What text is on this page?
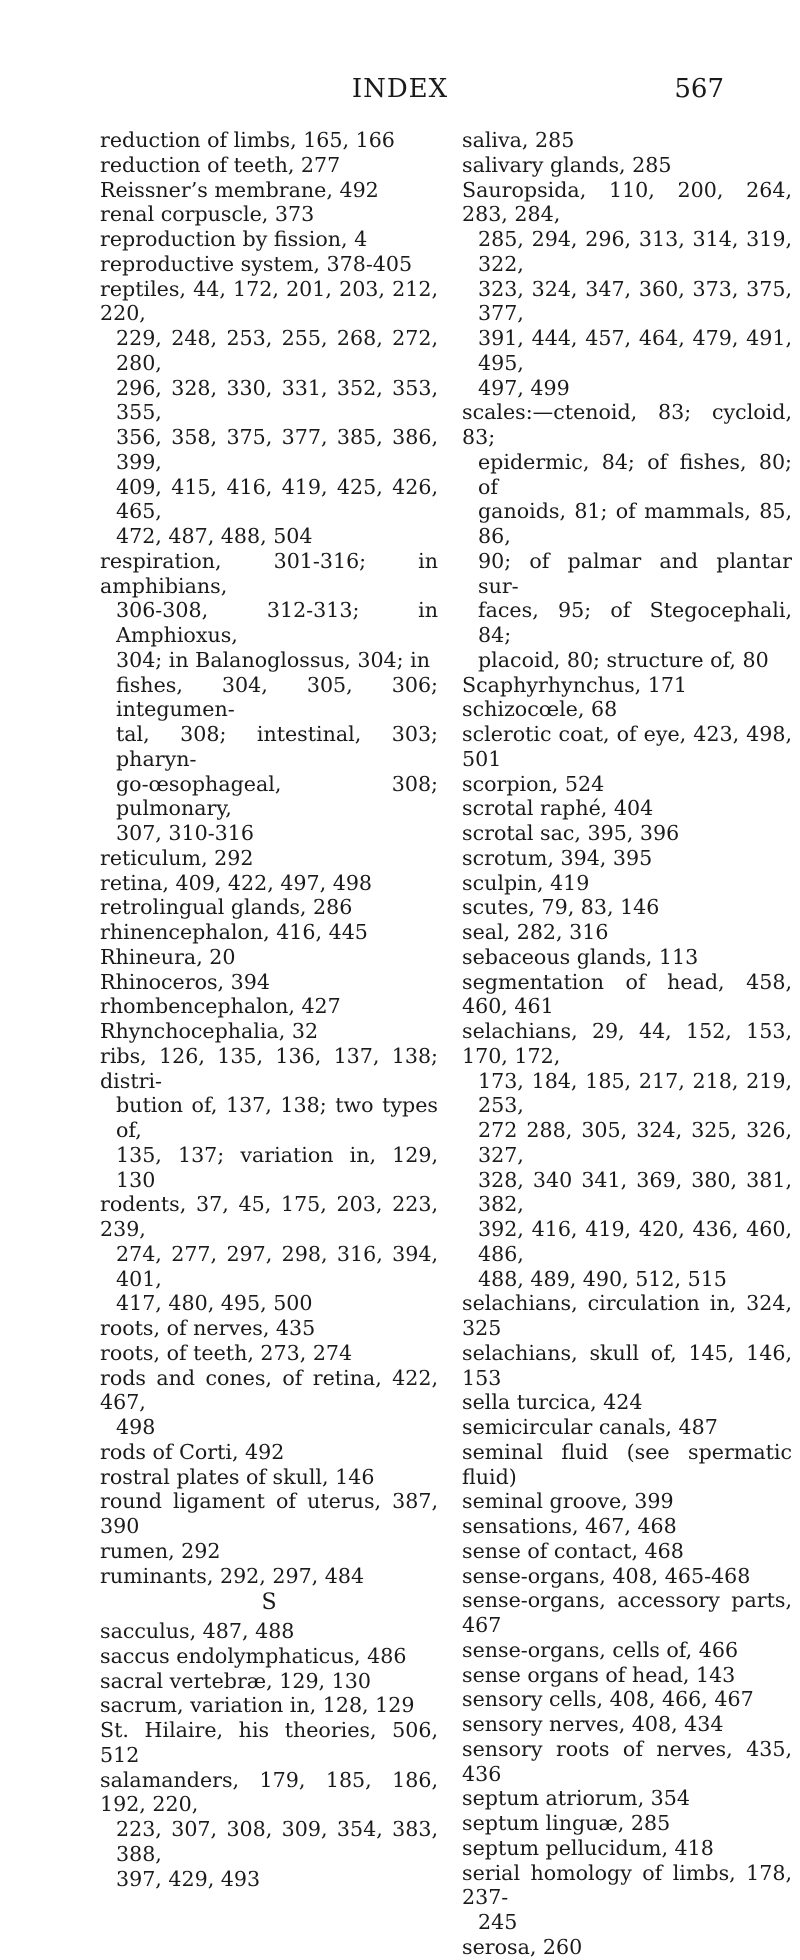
INDEX	567
reduction of limbs, 165, 166
reduction of teeth, 277
Reissner’s membrane, 492
renal corpuscle, 373
reproduction by fission, 4
reproductive system, 378-405
reptiles, 44, 172, 201, 203, 212, 220,
229, 248, 253, 255, 268, 272, 280,
296, 328, 330, 331, 352, 353, 355,
356, 358, 375, 377, 385, 386, 399,
409, 415, 416, 419, 425, 426, 465,
472, 487, 488, 504
respiration, 301-316; in amphibians,
306-308, 312-313; in Amphioxus,
304; in Balanoglossus, 304; in
fishes, 304, 305, 306; integumen-
tal, 308; intestinal, 303; pharyn-
go-œsophageal, 308; pulmonary,
307, 310-316
reticulum, 292
retina, 409, 422, 497, 498
retrolingual glands, 286
rhinencephalon, 416, 445
Rhineura, 20
Rhinoceros, 394
rhombencephalon, 427
Rhynchocephalia, 32
ribs, 126, 135, 136, 137, 138; distri-
bution of, 137, 138; two types of,
135, 137; variation in, 129, 130
rodents, 37, 45, 175, 203, 223, 239,
274, 277, 297, 298, 316, 394, 401,
417, 480, 495, 500
roots, of nerves, 435
roots, of teeth, 273, 274
rods and cones, of retina, 422, 467,
498
rods of Corti, 492
rostral plates of skull, 146
round ligament of uterus, 387, 390
rumen, 292
ruminants, 292, 297, 484
S
sacculus, 487, 488
saccus endolymphaticus, 486
sacral vertebræ, 129, 130
sacrum, variation in, 128, 129
St. Hilaire, his theories, 506, 512
salamanders, 179, 185, 186, 192, 220,
223, 307, 308, 309, 354, 383, 388,
397, 429, 493
saliva, 285
salivary glands, 285
Sauropsida, 110, 200, 264, 283, 284,
285, 294, 296, 313, 314, 319, 322,
323, 324, 347, 360, 373, 375, 377,
391, 444, 457, 464, 479, 491, 495,
497, 499
scales:—ctenoid, 83; cycloid, 83;
epidermic, 84; of fishes, 80; of
ganoids, 81; of mammals, 85, 86,
90; of palmar and plantar sur-
faces, 95; of Stegocephali, 84;
placoid, 80; structure of, 80
Scaphyrhynchus, 171
schizocœle, 68
sclerotic coat, of eye, 423, 498, 501
scorpion, 524
scrotal raphé, 404
scrotal sac, 395, 396
scrotum, 394, 395
sculpin, 419
scutes, 79, 83, 146
seal, 282, 316
sebaceous glands, 113
segmentation of head, 458, 460, 461
selachians, 29, 44, 152, 153, 170, 172,
173, 184, 185, 217, 218, 219, 253,
272 288, 305, 324, 325, 326, 327,
328, 340 341, 369, 380, 381, 382,
392, 416, 419, 420, 436, 460, 486,
488, 489, 490, 512, 515
selachians, circulation in, 324, 325
selachians, skull of, 145, 146, 153
sella turcica, 424
semicircular canals, 487
seminal fluid (see spermatic fluid)
seminal groove, 399
sensations, 467, 468
sense of contact, 468
sense-organs, 408, 465-468
sense-organs, accessory parts, 467
sense-organs, cells of, 466
sense organs of head, 143
sensory cells, 408, 466, 467
sensory nerves, 408, 434
sensory roots of nerves, 435, 436
septum atriorum, 354
septum linguæ, 285
septum pellucidum, 418
serial homology of limbs, 178, 237-
245
serosa, 260
